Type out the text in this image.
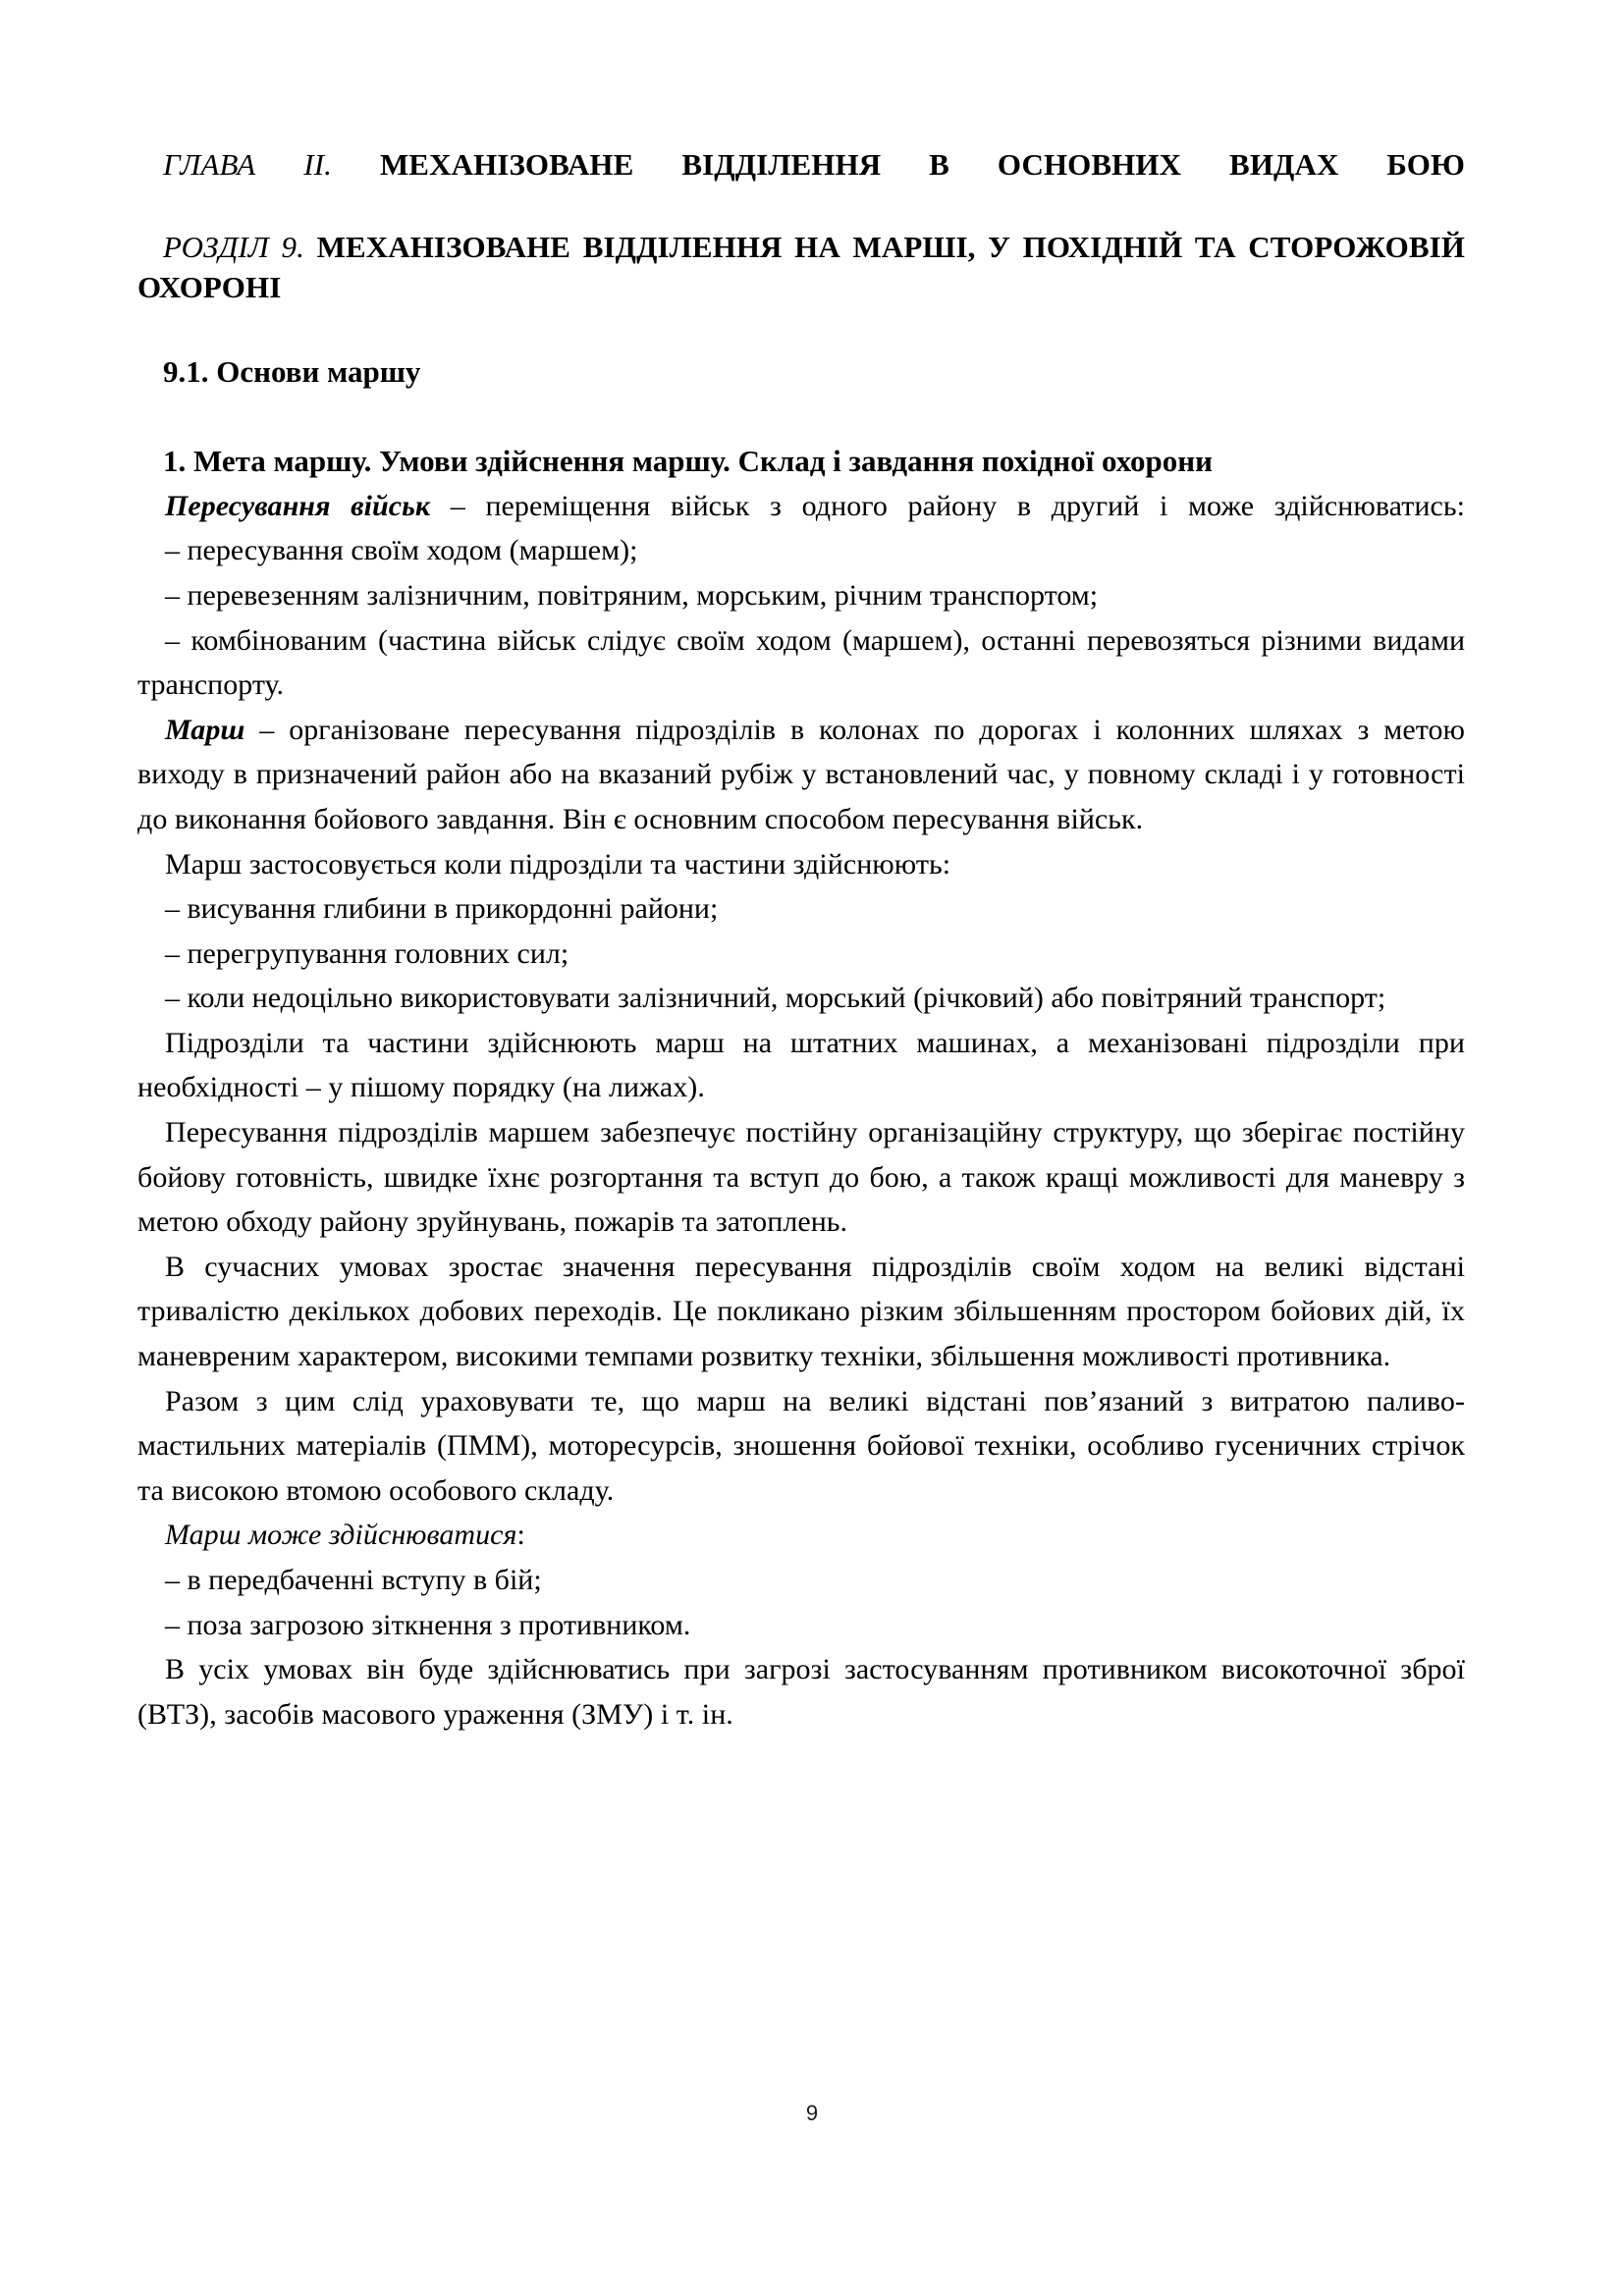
ГЛАВА II. МЕХАНІЗОВАНЕ ВІДДІЛЕННЯ В ОСНОВНИХ ВИДАХ БОЮ
РОЗДІЛ 9. МЕХАНІЗОВАНЕ ВІДДІЛЕННЯ НА МАРШІ, У ПОХІДНІЙ ТА СТОРОЖОВІЙ ОХОРОНІ
9.1. Основи маршу
1. Мета маршу. Умови здійснення маршу. Склад і завдання похідної охорони

Пересування військ – переміщення військ з одного району в другий і може здійснюватись:

– пересування своїм ходом (маршем);

– перевезенням залізничним, повітряним, морським, річним транспортом;

– комбінованим (частина військ слідує своїм ходом (маршем), останні перевозяться різними видами транспорту.

Марш – організоване пересування підрозділів в колонах по дорогах і колонних шляхах з метою виходу в призначений район або на вказаний рубіж у встановлений час, у повному складі і у готовності до виконання бойового завдання. Він є основним способом пересування військ.

Марш застосовується коли підрозділи та частини здійснюють:

– висування глибини в прикордонні райони;

– перегрупування головних сил;

– коли недоцільно використовувати залізничний, морський (річковий) або повітряний транспорт;

Підрозділи та частини здійснюють марш на штатних машинах, а механізовані підрозділи при необхідності – у пішому порядку (на лижах).

Пересування підрозділів маршем забезпечує постійну організаційну структуру, що зберігає постійну бойову готовність, швидке їхнє розгортання та вступ до бою, а також кращі можливості для маневру з метою обходу району зруйнувань, пожарів та затоплень.

В сучасних умовах зростає значення пересування підрозділів своїм ходом на великі відстані тривалістю декількох добових переходів. Це покликано різким збільшенням простором бойових дій, їх маневреним характером, високими темпами розвитку техніки, збільшення можливості противника.

Разом з цим слід ураховувати те, що марш на великі відстані пов’язаний з витратою паливо-мастильних матеріалів (ПММ), моторесурсів, зношення бойової техніки, особливо гусеничних стрічок та високою втомою особового складу.

Марш може здійснюватися:

– в передбаченні вступу в бій;

– поза загрозою зіткнення з противником.

В усіх умовах він буде здійснюватись при загрозі застосуванням противником високоточної зброї (ВТЗ), засобів масового ураження (ЗМУ) і т. ін.

9
